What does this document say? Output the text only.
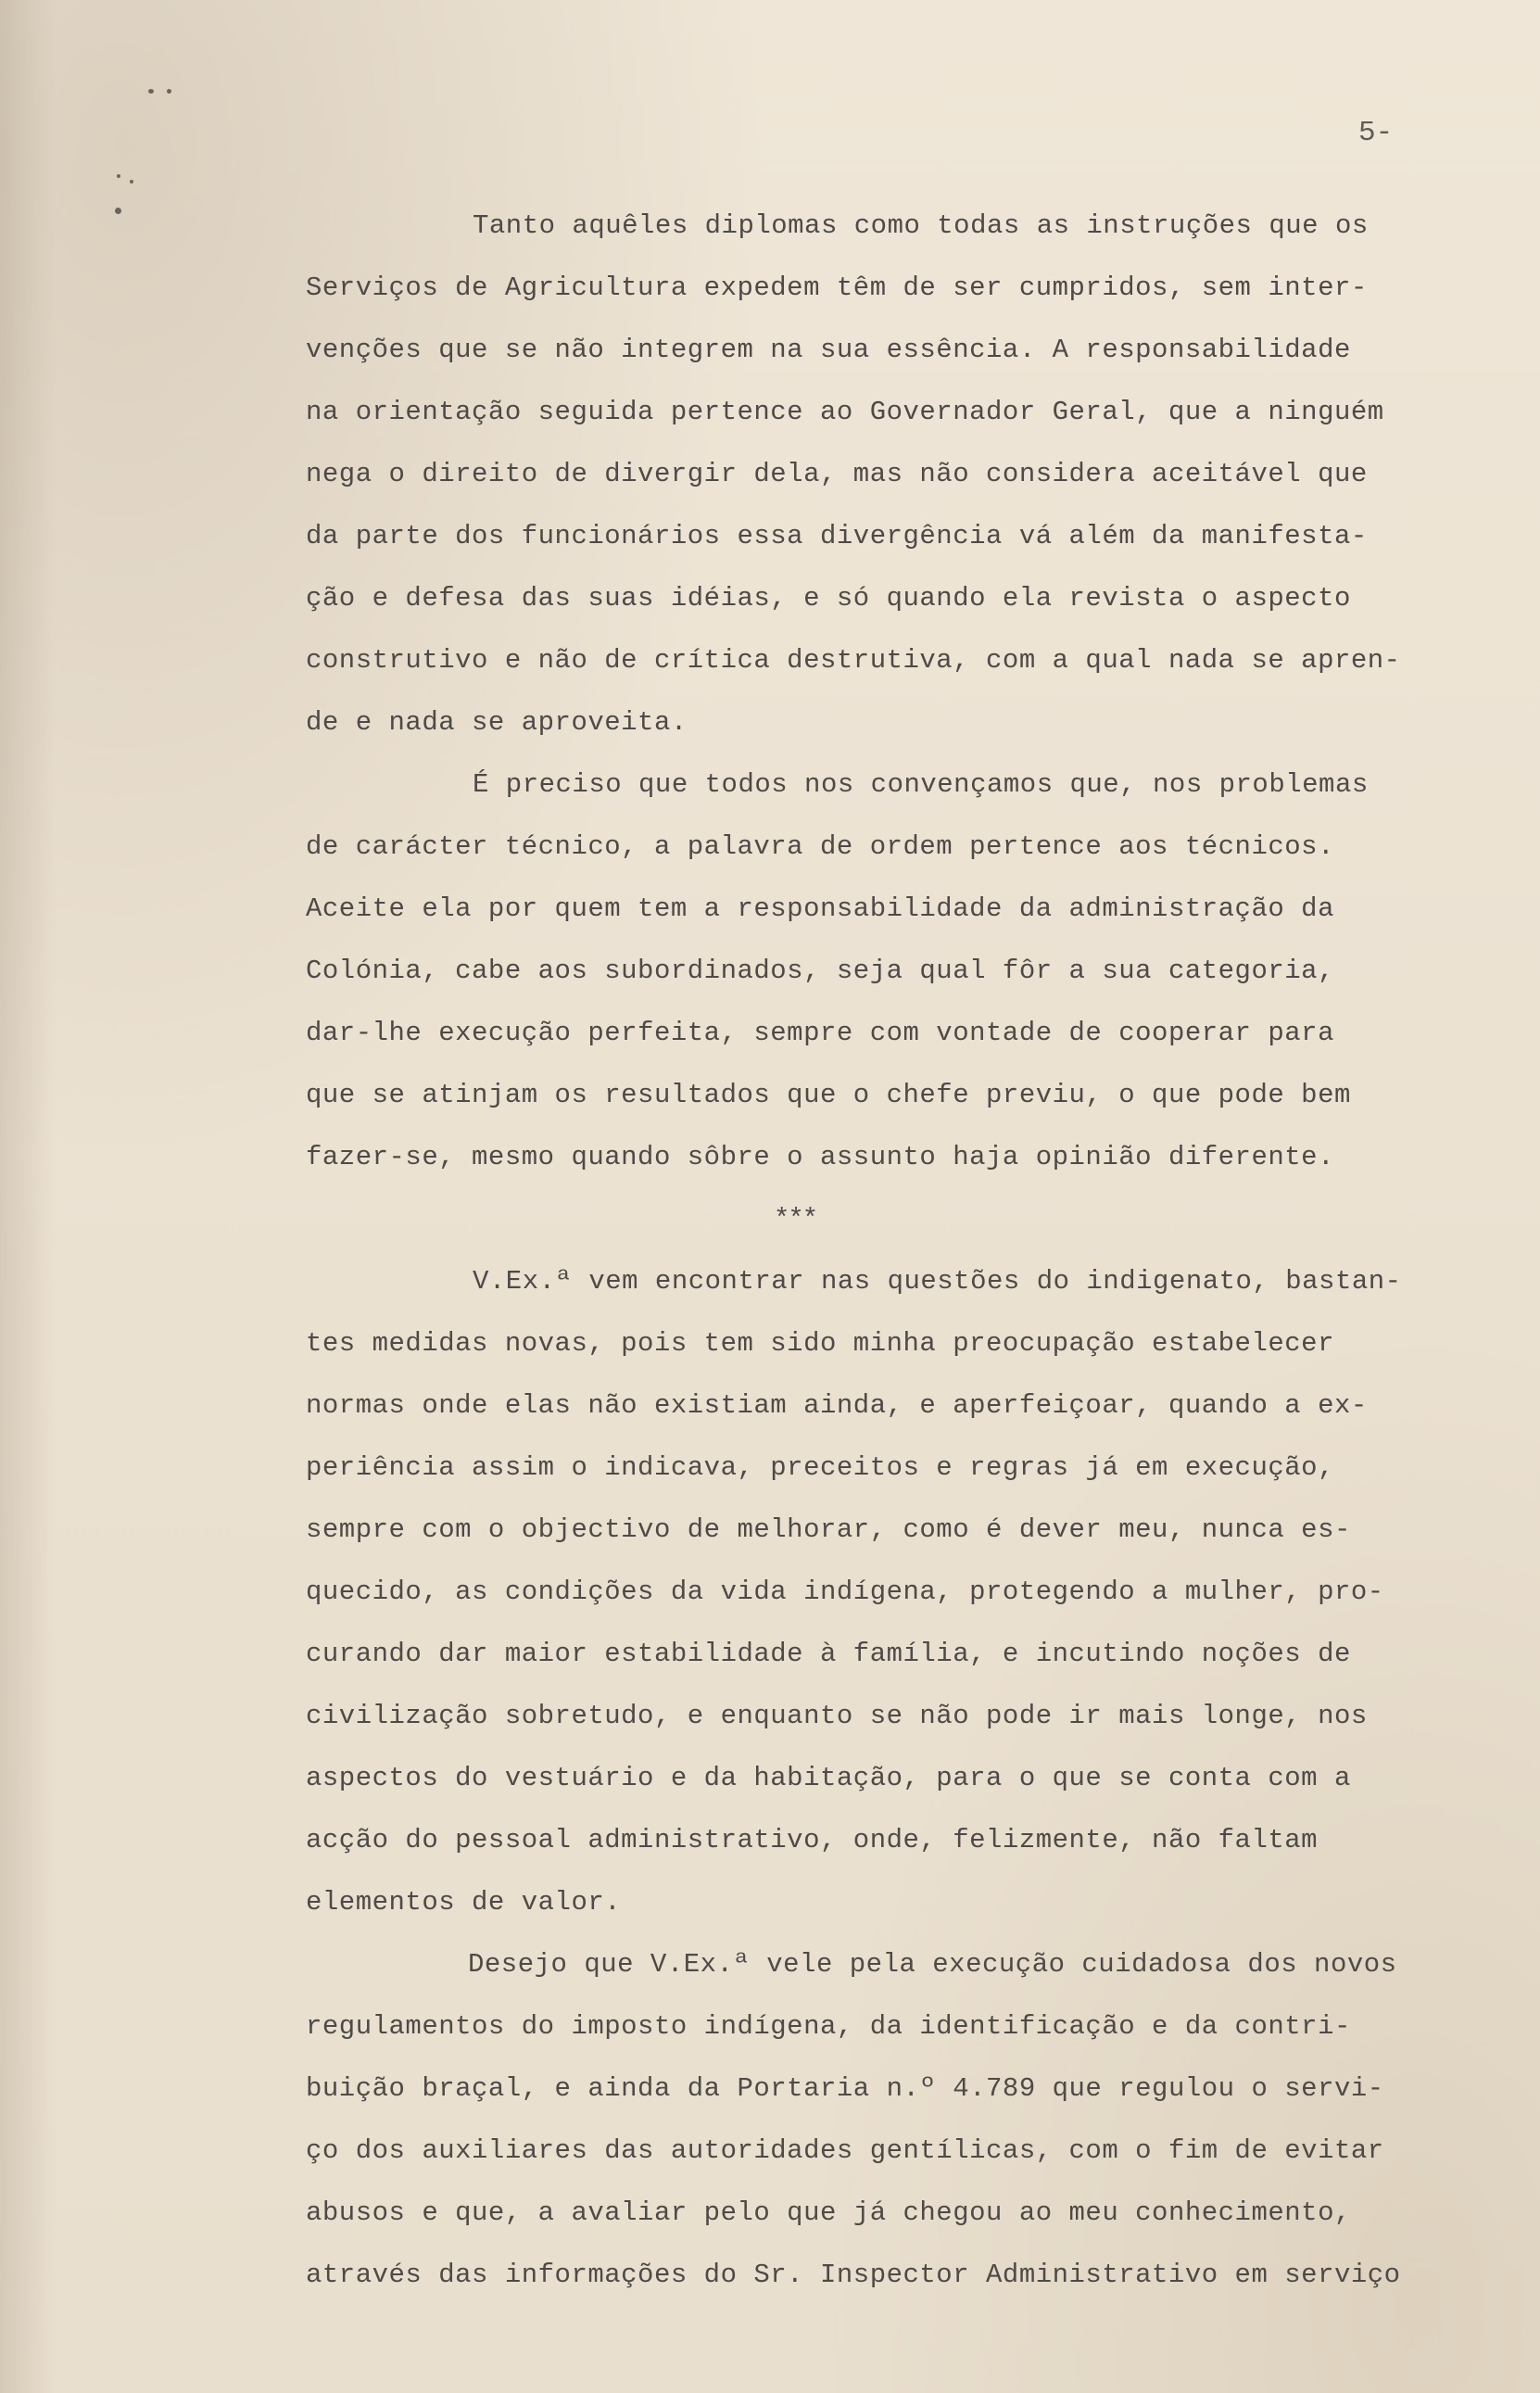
5-

Tanto aquêles diplomas como todas as instruções que os
Serviços de Agricultura expedem têm de ser cumpridos, sem inter-
venções que se não integrem na sua essência. A responsabilidade
na orientação seguida pertence ao Governador Geral, que a ninguém
nega o direito de divergir dela, mas não considera aceitável que
da parte dos funcionários essa divergência vá além da manifesta-
ção e defesa das suas idéias, e só quando ela revista o aspecto
construtivo e não de crítica destrutiva, com a qual nada se apren-
de e nada se aproveita.
É preciso que todos nos convençamos que, nos problemas
de carácter técnico, a palavra de ordem pertence aos técnicos.
Aceite ela por quem tem a responsabilidade da administração da
Colónia, cabe aos subordinados, seja qual fôr a sua categoria,
dar-lhe execução perfeita, sempre com vontade de cooperar para
que se atinjam os resultados que o chefe previu, o que pode bem
fazer-se, mesmo quando sôbre o assunto haja opinião diferente.
***
V.Ex.ª vem encontrar nas questões do indigenato, bastan-
tes medidas novas, pois tem sido minha preocupação estabelecer
normas onde elas não existiam ainda, e aperfeiçoar, quando a ex-
periência assim o indicava, preceitos e regras já em execução,
sempre com o objectivo de melhorar, como é dever meu, nunca es-
quecido, as condições da vida indígena, protegendo a mulher, pro-
curando dar maior estabilidade à família, e incutindo noções de
civilização sobretudo, e enquanto se não pode ir mais longe, nos
aspectos do vestuário e da habitação, para o que se conta com a
acção do pessoal administrativo, onde, felizmente, não faltam
elementos de valor.
Desejo que V.Ex.ª vele pela execução cuidadosa dos novos
regulamentos do imposto indígena, da identificação e da contri-
buição braçal, e ainda da Portaria n.º 4.789 que regulou o servi-
ço dos auxiliares das autoridades gentílicas, com o fim de evitar
abusos e que, a avaliar pelo que já chegou ao meu conhecimento,
através das informações do Sr. Inspector Administrativo em serviço
